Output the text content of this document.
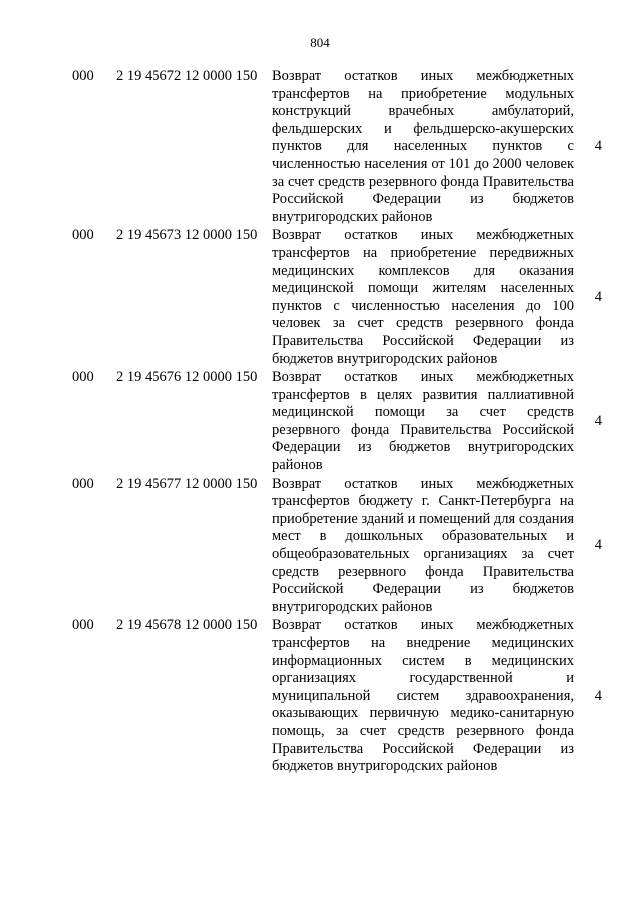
804
000 2 19 45672 12 0000 150 Возврат остатков иных межбюджетных трансфертов на приобретение модульных конструкций врачебных амбулаторий, фельдшерских и фельдшерско-акушерских пунктов для населенных пунктов с численностью населения от 101 до 2000 человек за счет средств резервного фонда Правительства Российской Федерации из бюджетов внутригородских районов
4
000 2 19 45673 12 0000 150 Возврат остатков иных межбюджетных трансфертов на приобретение передвижных медицинских комплексов для оказания медицинской помощи жителям населенных пунктов с численностью населения до 100 человек за счет средств резервного фонда Правительства Российской Федерации из бюджетов внутригородских районов
4
000 2 19 45676 12 0000 150 Возврат остатков иных межбюджетных трансфертов в целях развития паллиативной медицинской помощи за счет средств резервного фонда Правительства Российской Федерации из бюджетов внутригородских районов
4
000 2 19 45677 12 0000 150 Возврат остатков иных межбюджетных трансфертов бюджету г. Санкт-Петербурга на приобретение зданий и помещений для создания мест в дошкольных образовательных и общеобразовательных организациях за счет средств резервного фонда Правительства Российской Федерации из бюджетов внутригородских районов
4
000 2 19 45678 12 0000 150 Возврат остатков иных межбюджетных трансфертов на внедрение медицинских информационных систем в медицинских организациях государственной и муниципальной систем здравоохранения, оказывающих первичную медико-санитарную помощь, за счет средств резервного фонда Правительства Российской Федерации из бюджетов внутригородских районов
4
